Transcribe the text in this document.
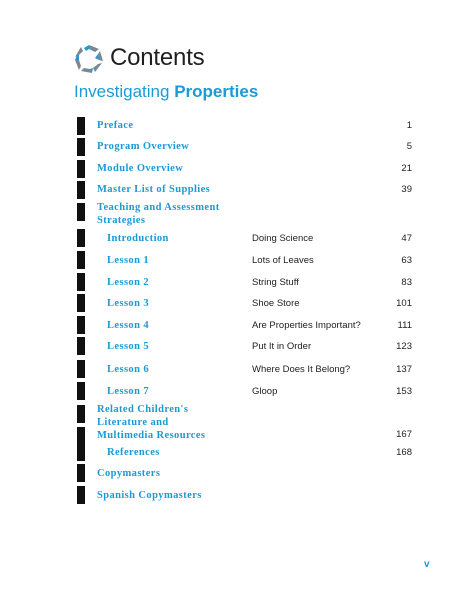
Contents
Investigating Properties
Preface	1
Program Overview	5
Module Overview	21
Master List of Supplies	39
Teaching and Assessment Strategies
Introduction	Doing Science	47
Lesson 1	Lots of Leaves	63
Lesson 2	String Stuff	83
Lesson 3	Shoe Store	101
Lesson 4	Are Properties Important?	111
Lesson 5	Put It in Order	123
Lesson 6	Where Does It Belong?	137
Lesson 7	Gloop	153
Related Children's Literature and Multimedia Resources	167
References	168
Copymasters
Spanish Copymasters
v
